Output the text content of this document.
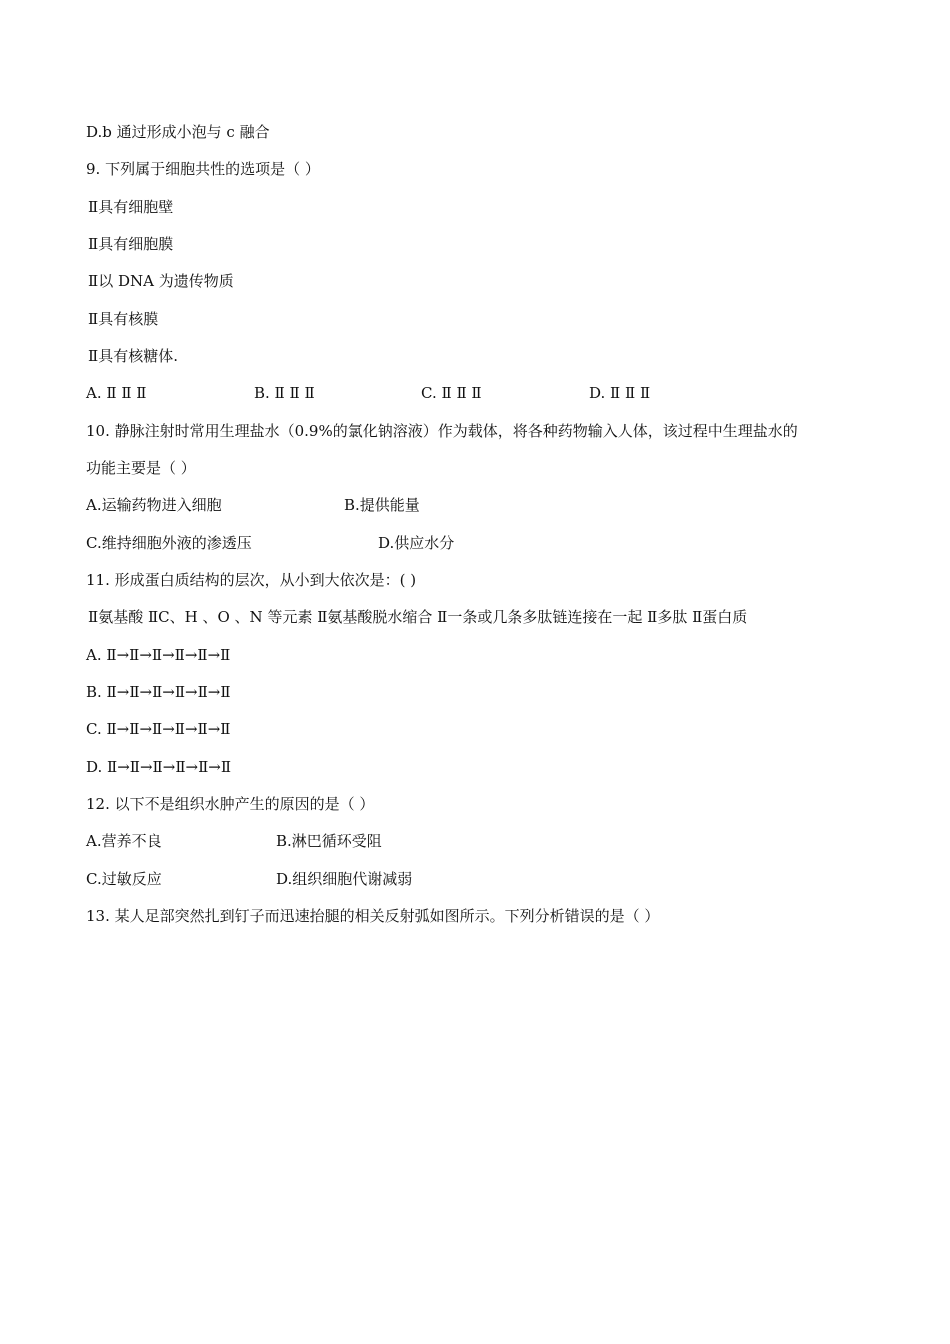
D.b 通过形成小泡与 c 融合
9. 下列属于细胞共性的选项是（ ）
Ⅱ具有细胞壁
Ⅱ具有细胞膜
Ⅱ以 DNA 为遗传物质
Ⅱ具有核膜
Ⅱ具有核糖体.
A. Ⅱ Ⅱ Ⅱ	B. Ⅱ Ⅱ Ⅱ	C. Ⅱ Ⅱ Ⅱ	D. Ⅱ Ⅱ Ⅱ
10. 静脉注射时常用生理盐水（0.9%的氯化钠溶液）作为载体，将各种药物输入人体，该过程中生理盐水的
功能主要是（ ）
A.运输药物进入细胞	B.提供能量
C.维持细胞外液的渗透压	D.供应水分
11. 形成蛋白质结构的层次，从小到大依次是：( )
Ⅱ氨基酸 ⅡC、H 、O 、N 等元素 Ⅱ氨基酸脱水缩合 Ⅱ一条或几条多肽链连接在一起 Ⅱ多肽 Ⅱ蛋白质
A. Ⅱ→Ⅱ→Ⅱ→Ⅱ→Ⅱ→Ⅱ
B. Ⅱ→Ⅱ→Ⅱ→Ⅱ→Ⅱ→Ⅱ
C. Ⅱ→Ⅱ→Ⅱ→Ⅱ→Ⅱ→Ⅱ
D. Ⅱ→Ⅱ→Ⅱ→Ⅱ→Ⅱ→Ⅱ
12. 以下不是组织水肿产生的原因的是（ ）
A.营养不良	B.淋巴循环受阻
C.过敏反应	D.组织细胞代谢减弱
13. 某人足部突然扎到钉子而迅速抬腿的相关反射弧如图所示。下列分析错误的是（ ）
